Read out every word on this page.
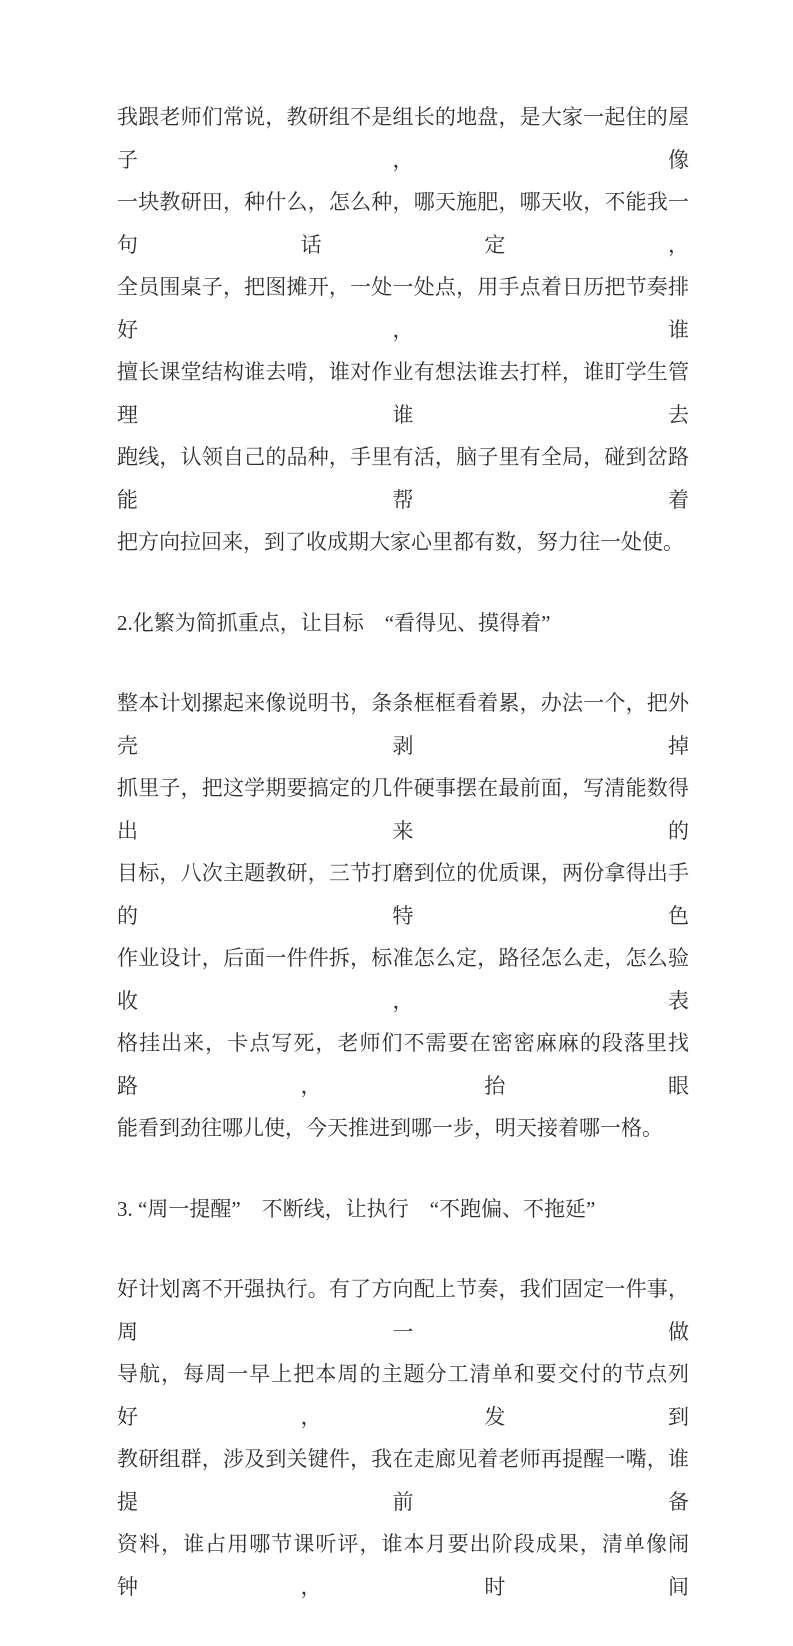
我跟老师们常说，教研组不是组长的地盘，是大家一起住的屋子，像
一块教研田，种什么，怎么种，哪天施肥，哪天收，不能我一句话定，
全员围桌子，把图摊开，一处一处点，用手点着日历把节奏排好，谁
擅长课堂结构谁去啃，谁对作业有想法谁去打样，谁盯学生管理谁去
跑线，认领自己的品种，手里有活，脑子里有全局，碰到岔路能帮着
把方向拉回来，到了收成期大家心里都有数，努力往一处使。
2.化繁为简抓重点，让目标　“看得见、摸得着”
整本计划摞起来像说明书，条条框框看着累，办法一个，把外壳剥掉
抓里子，把这学期要搞定的几件硬事摆在最前面，写清能数得出来的
目标，八次主题教研，三节打磨到位的优质课，两份拿得出手的特色
作业设计，后面一件件拆，标准怎么定，路径怎么走，怎么验收，表
格挂出来，卡点写死，老师们不需要在密密麻麻的段落里找路，抬眼
能看到劲往哪儿使，今天推进到哪一步，明天接着哪一格。
3. “周一提醒”　不断线，让执行　“不跑偏、不拖延”
好计划离不开强执行。有了方向配上节奏，我们固定一件事，周一做
导航，每周一早上把本周的主题分工清单和要交付的节点列好，发到
教研组群，涉及到关键件，我在走廊见着老师再提醒一嘴，谁提前备
资料，谁占用哪节课听评，谁本月要出阶段成果，清单像闹钟，时间
